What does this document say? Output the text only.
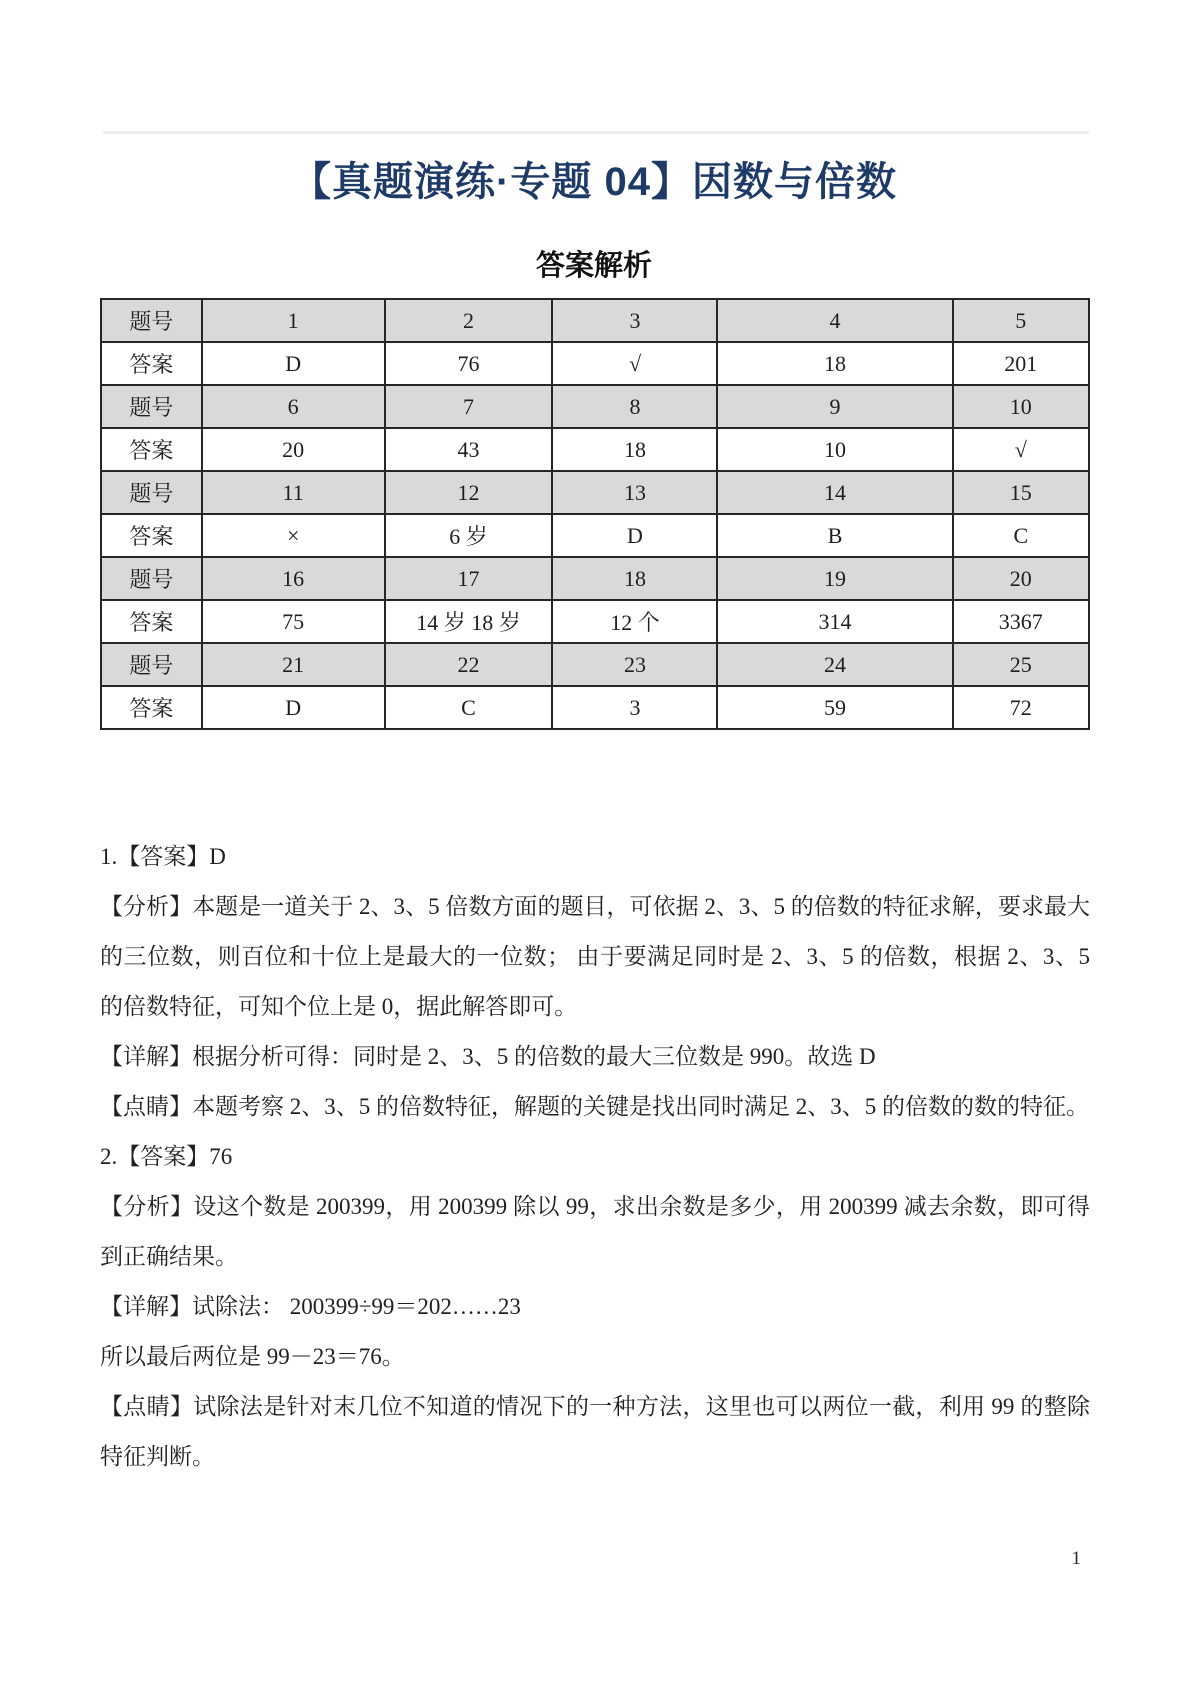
【真题演练·专题 04】因数与倍数
答案解析
题号	1	2	3	4	5
答案	D	76	√	18	201
题号	6	7	8	9	10
答案	20	43	18	10	√
题号	11	12	13	14	15
答案	×	6 岁	D	B	C
题号	16	17	18	19	20
答案	75	14 岁 18 岁	12 个	314	3367
题号	21	22	23	24	25
答案	D	C	3	59	72

1.【答案】D

【分析】本题是一道关于 2、3、5 倍数方面的题目，可依据 2、3、5 的倍数的特征求解，要求最大的三位数，则百位和十位上是最大的一位数； 由于要满足同时是 2、3、5 的倍数，根据 2、3、5 的倍数特征，可知个位上是 0，据此解答即可。

【详解】根据分析可得：同时是 2、3、5 的倍数的最大三位数是 990。故选 D

【点睛】本题考察 2、3、5 的倍数特征，解题的关键是找出同时满足 2、3、5 的倍数的数的特征。

2.【答案】76

【分析】设这个数是 200399，用 200399 除以 99，求出余数是多少，用 200399 减去余数，即可得到正确结果。

【详解】试除法： 200399÷99＝202……23

所以最后两位是 99－23＝76。

【点睛】试除法是针对末几位不知道的情况下的一种方法，这里也可以两位一截，利用 99 的整除特征判断。

1
